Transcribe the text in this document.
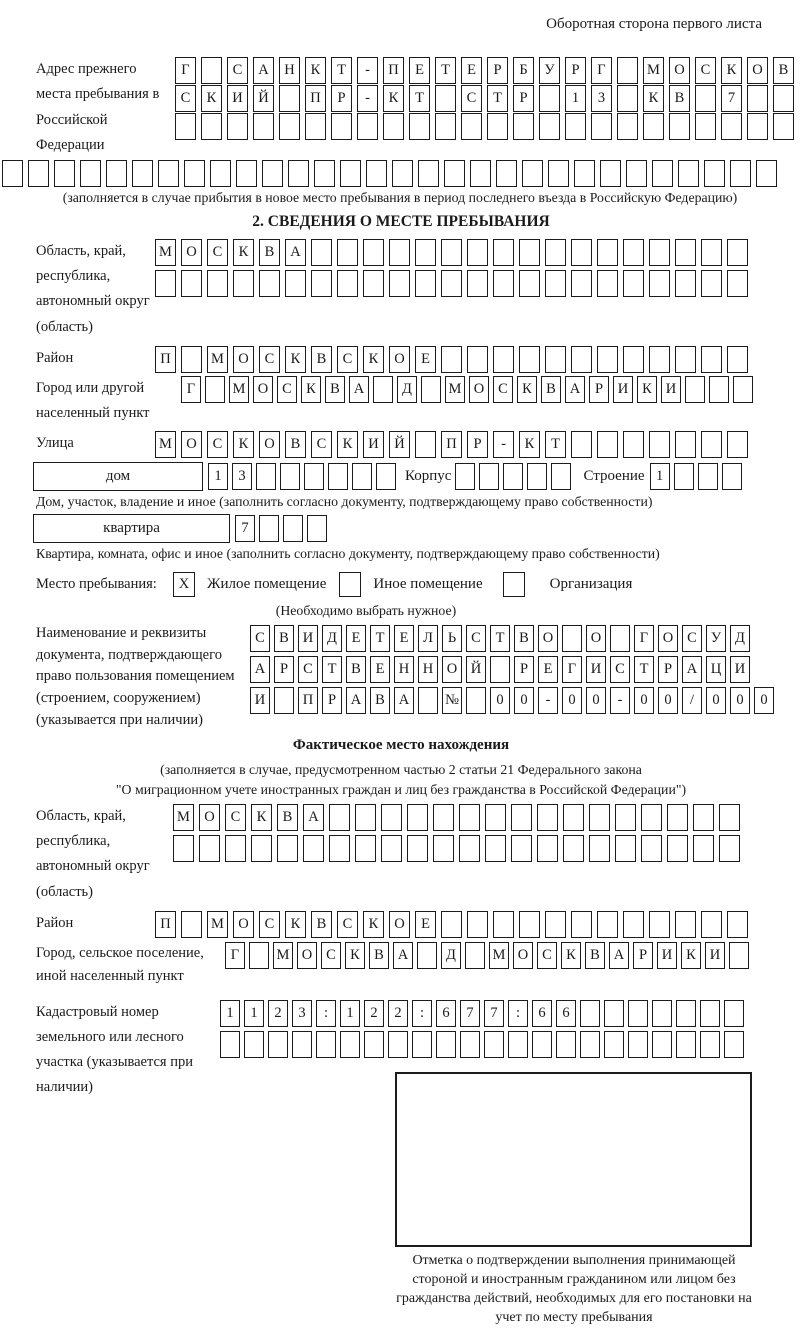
Оборотная сторона первого листа
Адрес прежнего места пребывания в Российской Федерации
Г	С	А	Н	К	Т	-	П	Е	Т	Е	Р	Б	У	Р	Г	М О	С	К	О	В
С	К	И	Й	П	Р	-	К	Т	С	Т	Р	1	3	К	В	7
(заполняется в случае прибытия в новое место пребывания в период последнего въезда в Российскую Федерацию)
2. СВЕДЕНИЯ О МЕСТЕ ПРЕБЫВАНИЯ
Область, край, республика, автономный округ (область)
М О	С	К	В	А
Район	П	М О	С	К	В	С	К	О	Е
Город или другой населенный пункт
Г	М О С К В А	Д	М О С К В А	Р	И К И
Улица	М О	С	К	О	В	С	К	И	Й	П	Р	-	К	Т
дом	1	3	Корпус	Строение 1
Дом, участок, владение и иное (заполнить согласно документу, подтверждающему право собственности)
квартира	7
Квартира, комната, офис и иное (заполнить согласно документу, подтверждающему право собственности)
Место пребывания:	X	Жилое помещение	Иное помещение	Организация
(Необходимо выбрать нужное)
Наименование и реквизиты документа, подтверждающего право пользования помещением (строением, сооружением) (указывается при наличии)
С В И Д	Е	Т	Е	Л	Ь	С	Т	В О	О	Г	О С У Д
А	Р	С	Т	В	Е Н Н О Й	Р	Е	Г	И С	Т	Р	А Ц И
И	П	Р	А В А	№	0	0	-	0	0	-	0	0	/	0	0	0
Фактическое место нахождения
(заполняется в случае, предусмотренном частью 2 статьи 21 Федерального закона
"О миграционном учете иностранных граждан и лиц без гражданства в Российской Федерации")
Область, край, республика, автономный округ (область)
М О	С	К	В	А
Район	П	М О	С	К	В	С	К	О	Е
Город, сельское поселение, иной населенный пункт
Г	М О С К В А	Д	М О С К В А	Р	И К И
Кадастровый номер земельного или лесного участка (указывается при наличии)
1	1	2	3	:	1	2	2	:	6	7	7	:	6	6
Отметка о подтверждении выполнения принимающей стороной и иностранным гражданином или лицом без гражданства действий, необходимых для его постановки на учет по месту пребывания
